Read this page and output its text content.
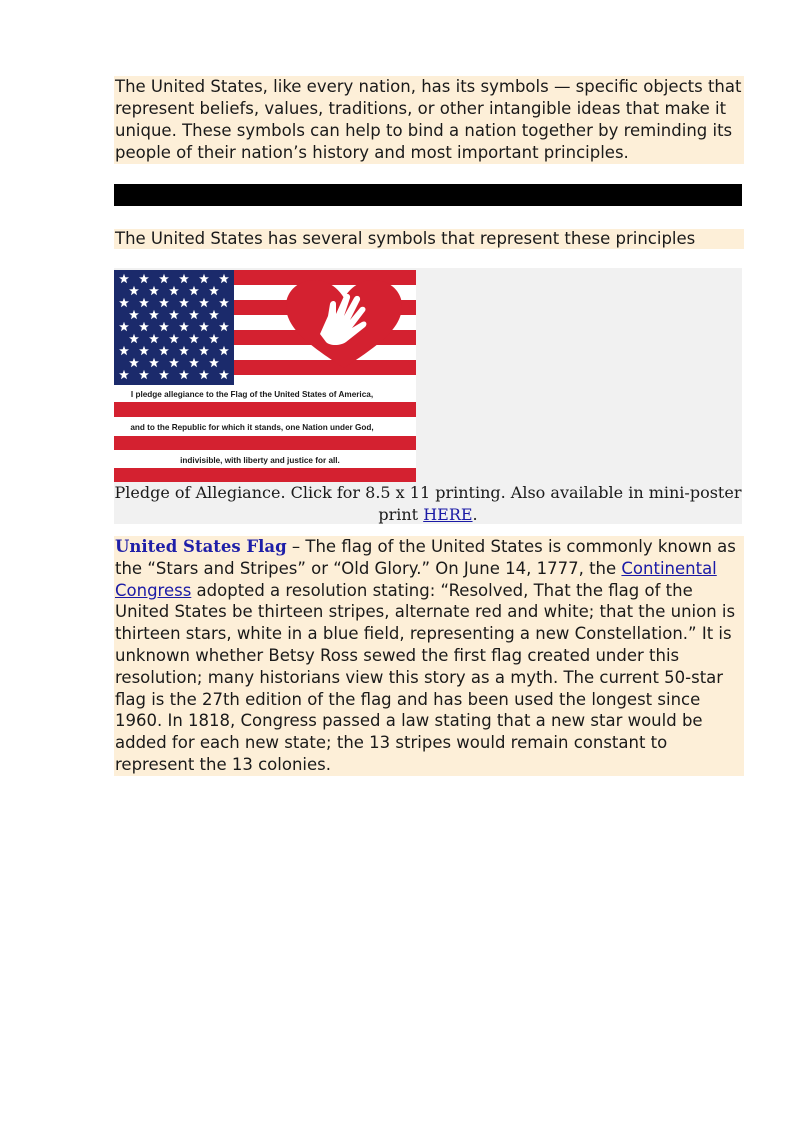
The United States, like every nation, has its symbols — specific objects that represent beliefs, values, traditions, or other intangible ideas that make it unique. These symbols can help to bind a nation together by reminding its people of their nation’s history and most important principles.
The United States has several symbols that represent these principles
I pledge allegiance to the Flag of the United States of America,
and to the Republic for which it stands, one Nation under God,
indivisible, with liberty and justice for all.
Pledge of Allegiance. Click for 8.5 x 11 printing. Also available in mini-poster print HERE.
United States Flag – The flag of the United States is commonly known as the “Stars and Stripes” or “Old Glory.” On June 14, 1777, the Continental Congress adopted a resolution stating: “Resolved, That the flag of the United States be thirteen stripes, alternate red and white; that the union is thirteen stars, white in a blue field, representing a new Constellation.” It is unknown whether Betsy Ross sewed the first flag created under this resolution; many historians view this story as a myth. The current 50-star flag is the 27th edition of the flag and has been used the longest since 1960. In 1818, Congress passed a law stating that a new star would be added for each new state; the 13 stripes would remain constant to represent the 13 colonies.
